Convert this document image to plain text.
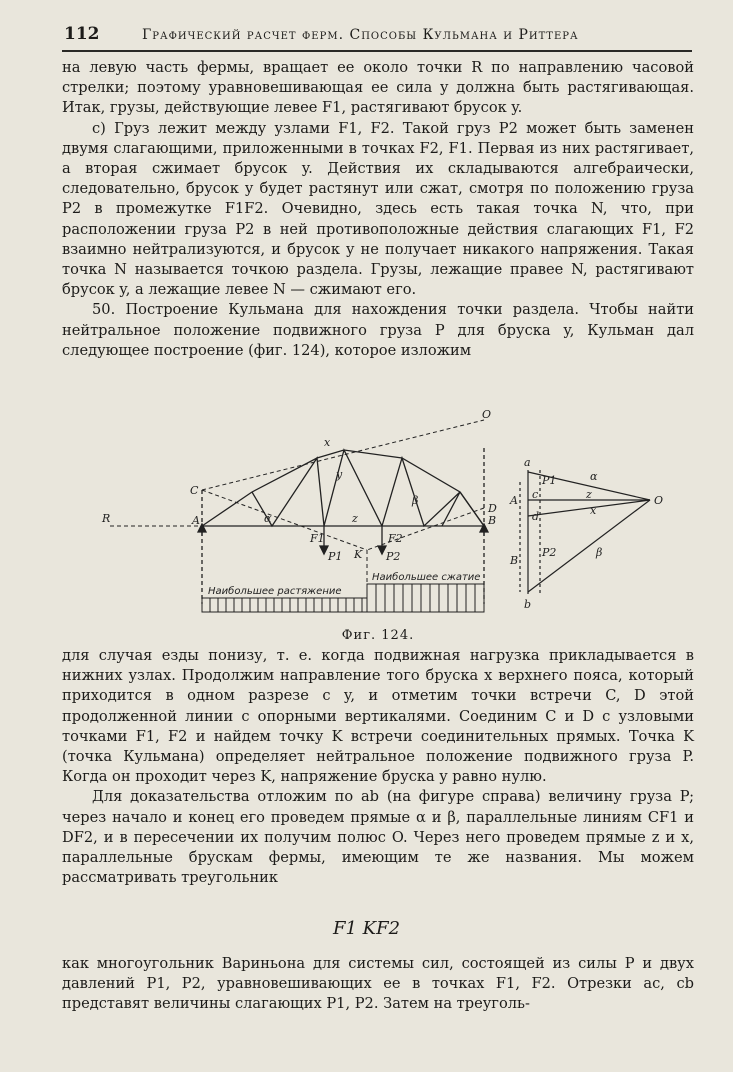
112	Графический расчет ферм. Способы Кульмана и Риттера

на левую часть фермы, вращает ее около точки R по направлению часовой стрелки; поэтому уравновешивающая ее сила y должна быть растягивающая. Итак, грузы, действующие левее F1, растягивают брусок y.

c) Груз лежит между узлами F1, F2. Такой груз P2 может быть заменен двумя слагающими, приложенными в точках F2, F1. Первая из них растягивает, а вторая сжимает брусок y. Действия их складываются алгебраически, следовательно, брусок y будет растянут или сжат, смотря по положению груза P2 в промежутке F1F2. Очевидно, здесь есть такая точка N, что, при расположении груза P2 в ней противоположные действия слагающих F1, F2 взаимно нейтрализуются, и брусок y не получает никакого напряжения. Такая точка N называется точкою раздела. Грузы, лежащие правее N, растягивают брусок y, а лежащие левее N — сжимают его.

50. Построение Кульмана для нахождения точки раздела. Чтобы найти нейтральное положение подвижного груза P для бруска y, Кульман дал следующее построение (фиг. 124), которое изложим

O
x
y
C
R	A	B
α	z
β
F1	F2
D
K
P1	P2
Наибольшее растяжение
Наибольшее сжатие
a
b
c
d
O
A
B
P1
P2
α
β
z
x
Фиг. 124.

для случая езды понизу, т. е. когда подвижная нагрузка прикладывается в нижних узлах. Продолжим направление того бруска x верхнего пояса, который приходится в одном разрезе с y, и отметим точки встречи C, D этой продолженной линии с опорными вертикалями. Соединим C и D с узловыми точками F1, F2 и найдем точку K встречи соединительных прямых. Точка K (точка Кульмана) определяет нейтральное положение подвижного груза P. Когда он проходит через K, напряжение бруска y равно нулю.

Для доказательства отложим по ab (на фигуре справа) величину груза P; через начало и конец его проведем прямые α и β, параллельные линиям CF1 и DF2, и в пересечении их получим полюс O. Через него проведем прямые z и x, параллельные брускам фермы, имеющим те же названия. Мы можем рассматривать треугольник

F1 KF2

как многоугольник Вариньона для системы сил, состоящей из силы P и двух давлений P1, P2, уравновешивающих ее в точках F1, F2. Отрезки ac, cb представят величины слагающих P1, P2. Затем на треуголь-
